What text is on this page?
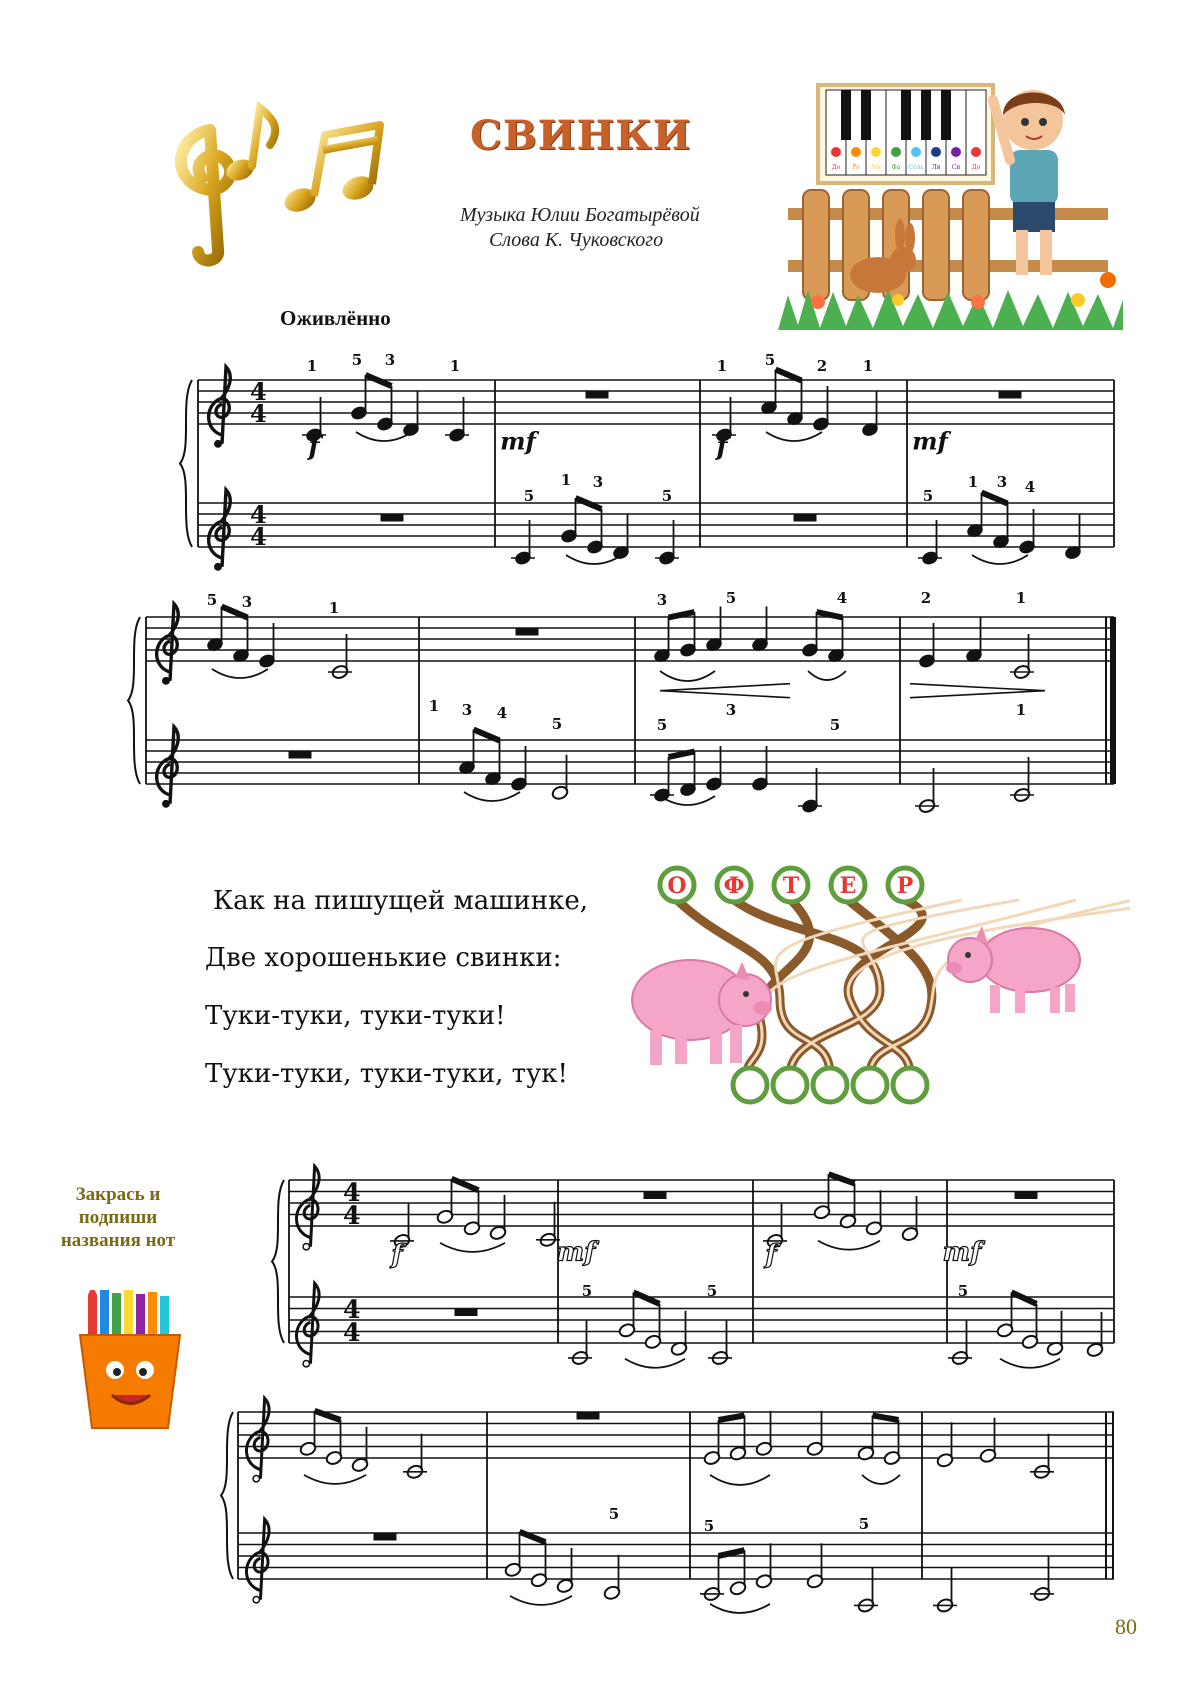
СВИНКИ
Музыка Юлии Богатырёвой
Слова К. Чуковского
До Ре Ми Фа Соль Ля Си До
Оживлённо
4
4
4
4
1 5 3	1	1	5	2 1
f	mf	f	mf
5
1 3
5	5
1 3 4
5 3	1	3	5	4	2	1
3	1
1 3 4
5	5	5
4
4
4
4
f	mf	f	mf
5	5	5
5
5	5
Как на пишущей машинке,
Две хорошенькие свинки:
Туки-туки, туки-туки!
Туки-туки, туки-туки, тук!
О Ф Т Е Р
Закрась и подпиши названия нот
80
